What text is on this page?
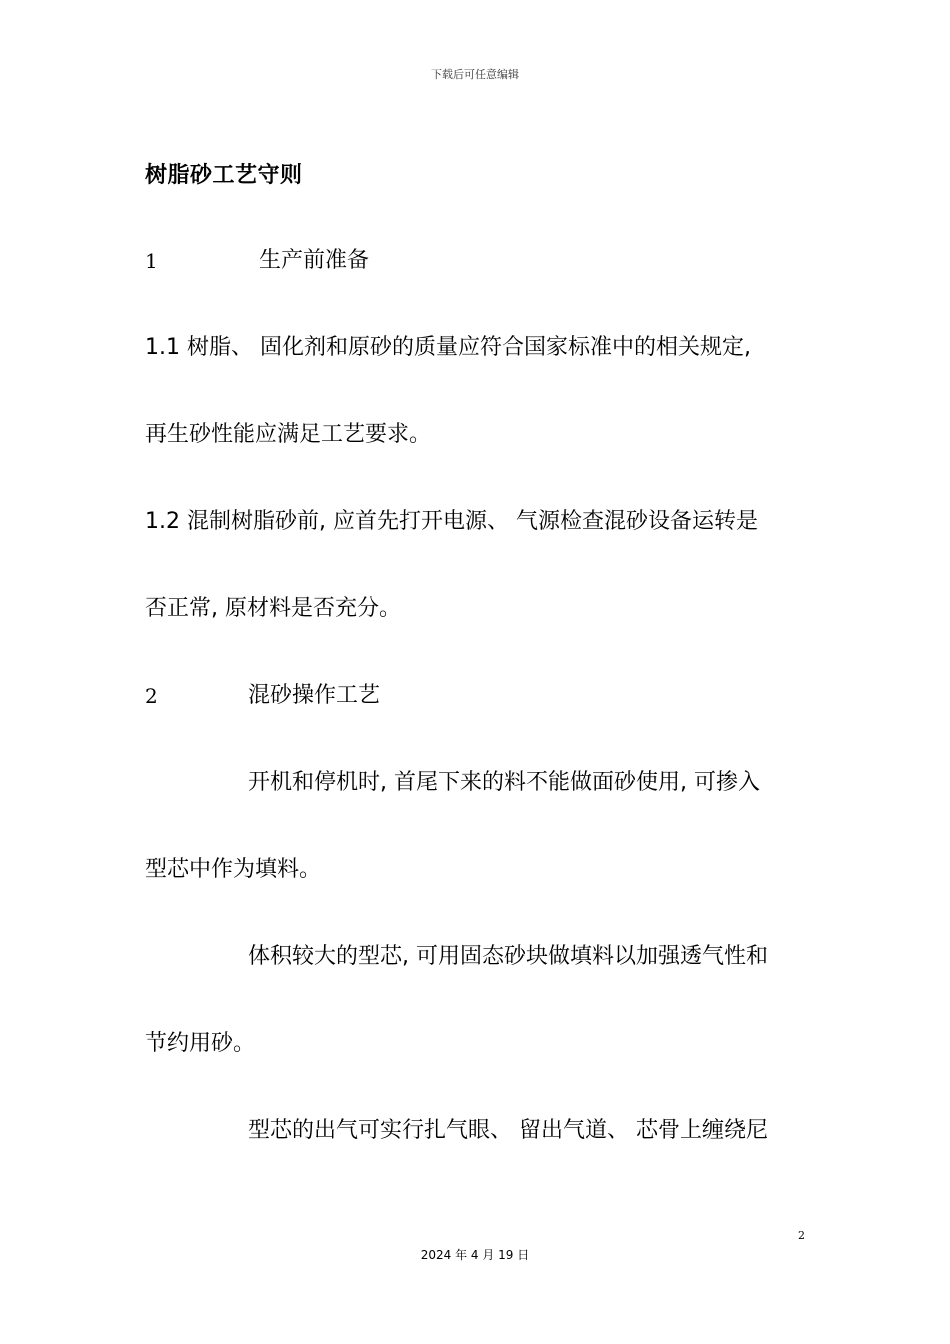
下载后可任意编辑
树脂砂工艺守则
1	生产前准备
1.1 树脂、 固化剂和原砂的质量应符合国家标准中的相关规定,
再生砂性能应满足工艺要求。
1.2 混制树脂砂前, 应首先打开电源、 气源检查混砂设备运转是
否正常, 原材料是否充分。
2	混砂操作工艺
开机和停机时, 首尾下来的料不能做面砂使用, 可掺入
型芯中作为填料。
体积较大的型芯, 可用固态砂块做填料以加强透气性和
节约用砂。
型芯的出气可实行扎气眼、 留出气道、 芯骨上缠绕尼
2
2024 年 4 月 19 日
